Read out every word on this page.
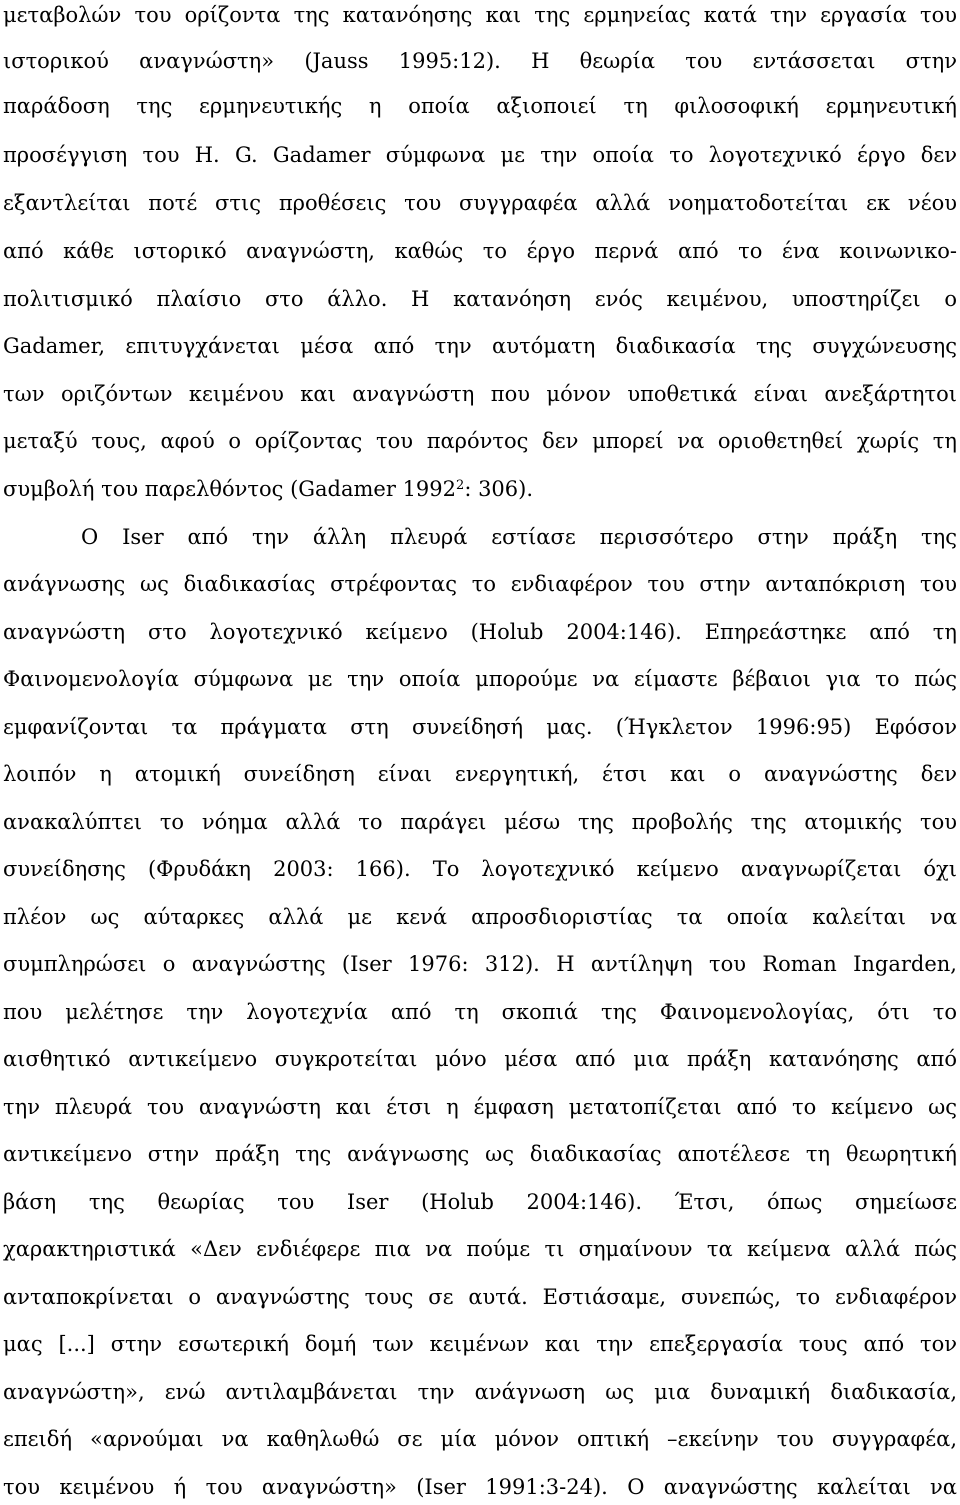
μεταβολών του ορίζοντα της κατανόησης και της ερμηνείας κατά την εργασία του
ιστορικού αναγνώστη» (Jauss 1995:12). Η θεωρία του εντάσσεται στην
παράδοση της ερμηνευτικής η οποία αξιοποιεί τη φιλοσοφική ερμηνευτική
προσέγγιση του Η. G. Gadamer σύμφωνα με την οποία το λογοτεχνικό έργο δεν
εξαντλείται ποτέ στις προθέσεις του συγγραφέα αλλά νοηματοδοτείται εκ νέου
από κάθε ιστορικό αναγνώστη, καθώς το έργο περνά από το ένα κοινωνικο-
πολιτισμικό πλαίσιο στο άλλο. Η κατανόηση ενός κειμένου, υποστηρίζει ο
Gadamer, επιτυγχάνεται μέσα από την αυτόματη διαδικασία της συγχώνευσης
των οριζόντων κειμένου και αναγνώστη που μόνον υποθετικά είναι ανεξάρτητοι
μεταξύ τους, αφού ο ορίζοντας του παρόντος δεν μπορεί να οριοθετηθεί χωρίς τη
συμβολή του παρελθόντος (Gadamer 1992$^2$: 306).
Ο Iser από την άλλη πλευρά εστίασε περισσότερο στην πράξη της
ανάγνωσης ως διαδικασίας στρέφοντας το ενδιαφέρον του στην ανταπόκριση του
αναγνώστη στο λογοτεχνικό κείμενο (Holub 2004:146). Επηρεάστηκε από τη
Φαινομενολογία σύμφωνα με την οποία μπορούμε να είμαστε βέβαιοι για το πώς
εμφανίζονται τα πράγματα στη συνείδησή μας. (Ήγκλετον 1996:95) Εφόσον
λοιπόν η ατομική συνείδηση είναι ενεργητική, έτσι και ο αναγνώστης δεν
ανακαλύπτει το νόημα αλλά το παράγει μέσω της προβολής της ατομικής του
συνείδησης (Φρυδάκη 2003: 166). Το λογοτεχνικό κείμενο αναγνωρίζεται όχι
πλέον ως αύταρκες αλλά με κενά απροσδιοριστίας τα οποία καλείται να
συμπληρώσει ο αναγνώστης (Iser 1976: 312). Η αντίληψη του Roman Ingarden,
που μελέτησε την λογοτεχνία από τη σκοπιά της Φαινομενολογίας, ότι το
αισθητικό αντικείμενο συγκροτείται μόνο μέσα από μια πράξη κατανόησης από
την πλευρά του αναγνώστη και έτσι η έμφαση μετατοπίζεται από το κείμενο ως
αντικείμενο στην πράξη της ανάγνωσης ως διαδικασίας αποτέλεσε τη θεωρητική
βάση της θεωρίας του Iser (Holub 2004:146). Έτσι, όπως σημείωσε
χαρακτηριστικά «Δεν ενδιέφερε πια να πούμε τι σημαίνουν τα κείμενα αλλά πώς
ανταποκρίνεται ο αναγνώστης τους σε αυτά. Εστιάσαμε, συνεπώς, το ενδιαφέρον
μας [...] στην εσωτερική δομή των κειμένων και την επεξεργασία τους από τον
αναγνώστη», ενώ αντιλαμβάνεται την ανάγνωση ως μια δυναμική διαδικασία,
επειδή «αρνούμαι να καθηλωθώ σε μία μόνον οπτική –εκείνην του συγγραφέα,
του κειμένου ή του αναγνώστη» (Iser 1991:3-24). Ο αναγνώστης καλείται να
